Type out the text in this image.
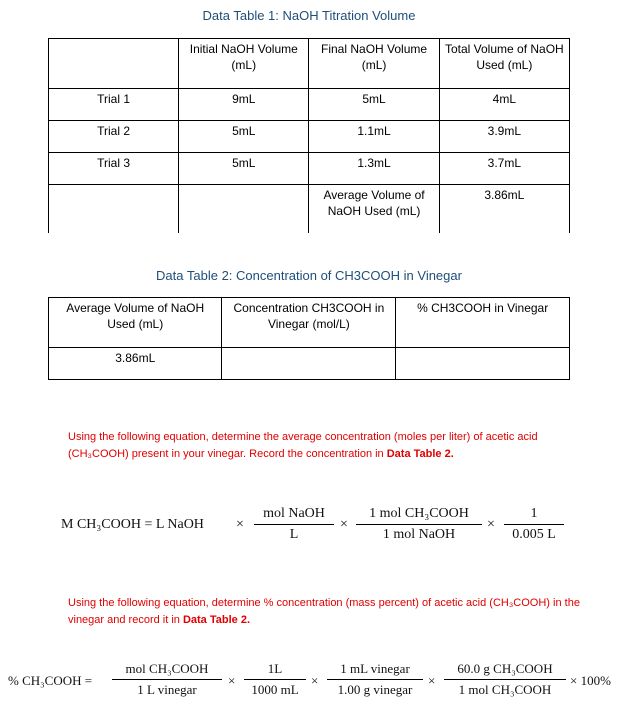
Data Table 1: NaOH Titration Volume
	Initial NaOH Volume (mL)	Final NaOH Volume (mL)	Total Volume of NaOH Used (mL)
Trial 1	9mL	5mL	4mL
Trial 2	5mL	1.1mL	3.9mL
Trial 3	5mL	1.3mL	3.7mL
		Average Volume of NaOH Used (mL)	3.86mL
Data Table 2: Concentration of CH3COOH in Vinegar
Average Volume of NaOH Used (mL)	Concentration CH3COOH in Vinegar (mol/L)	% CH3COOH in Vinegar
3.86mL		
Using the following equation, determine the average concentration (moles per liter) of acetic acid (CH₃COOH) present in your vinegar. Record the concentration in Data Table 2.
M CH₃COOH = L NaOH ×
mol NaOH
L
×
1 mol CH₃COOH
1 mol NaOH
× $\frac{1}{0.005 L}$
Using the following equation, determine % concentration (mass percent) of acetic acid (CH₃COOH) in the vinegar and record it in Data Table 2.
% CH₃COOH =
mol CH₃COOH
1 L vinegar
× $\frac{1L}{1000 mL}$ ×
1 mL vinegar
1.00 g vinegar
×
60.0 g CH₃COOH
1 mol CH₃COOH
× 100%
